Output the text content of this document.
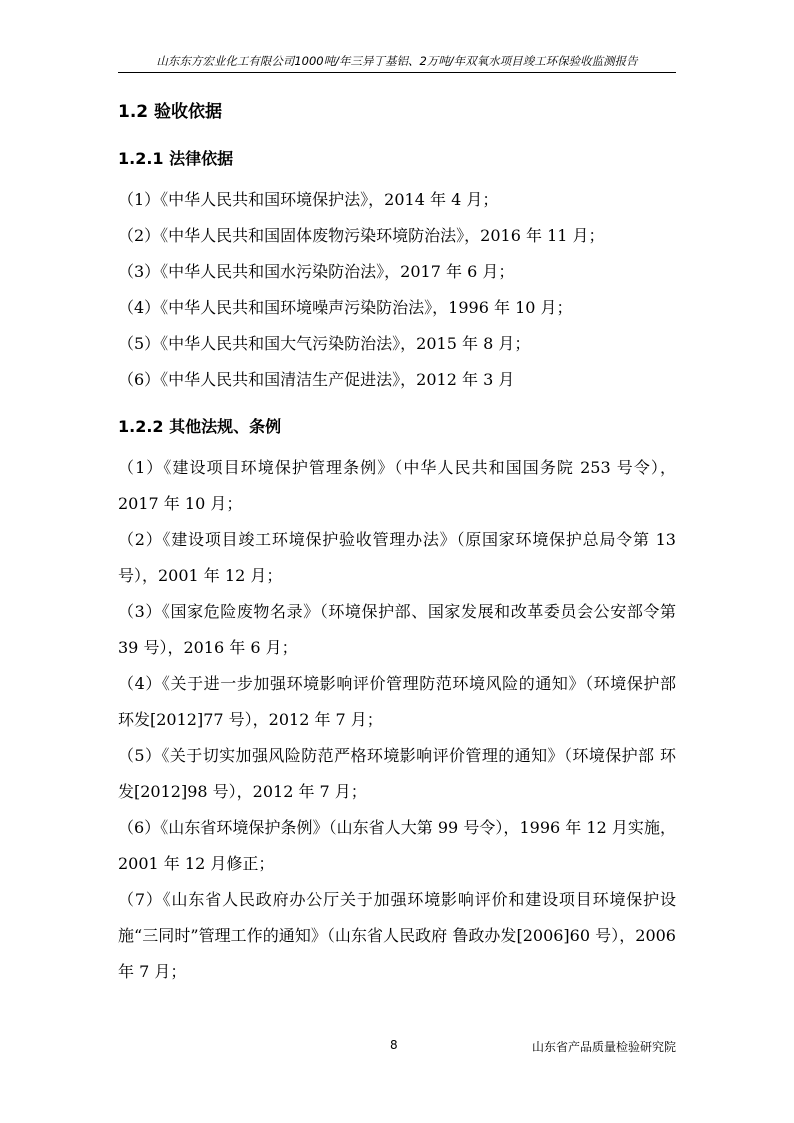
山东东方宏业化工有限公司1000吨/年三异丁基铝、2万吨/年双氧水项目竣工环保验收监测报告
1.2 验收依据
1.2.1 法律依据

（1）《中华人民共和国环境保护法》，2014 年 4 月；

（2）《中华人民共和国固体废物污染环境防治法》，2016 年 11 月；

（3）《中华人民共和国水污染防治法》，2017 年 6 月；

（4）《中华人民共和国环境噪声污染防治法》，1996 年 10 月；

（5）《中华人民共和国大气污染防治法》，2015 年 8 月；

（6）《中华人民共和国清洁生产促进法》，2012 年 3 月

1.2.2 其他法规、条例

（1）《建设项目环境保护管理条例》（中华人民共和国国务院 253 号令），2017 年 10 月；

（2）《建设项目竣工环境保护验收管理办法》（原国家环境保护总局令第 13 号），2001 年 12 月；

（3）《国家危险废物名录》（环境保护部、国家发展和改革委员会公安部令第 39 号），2016 年 6 月；

（4）《关于进一步加强环境影响评价管理防范环境风险的通知》（环境保护部 环发[2012]77 号），2012 年 7 月；

（5）《关于切实加强风险防范严格环境影响评价管理的通知》（环境保护部 环发[2012]98 号），2012 年 7 月；

（6）《山东省环境保护条例》（山东省人大第 99 号令），1996 年 12 月实施，2001 年 12 月修正；

（7）《山东省人民政府办公厅关于加强环境影响评价和建设项目环境保护设施“三同时”管理工作的通知》（山东省人民政府 鲁政办发[2006]60 号），2006 年 7 月；

8	山东省产品质量检验研究院
